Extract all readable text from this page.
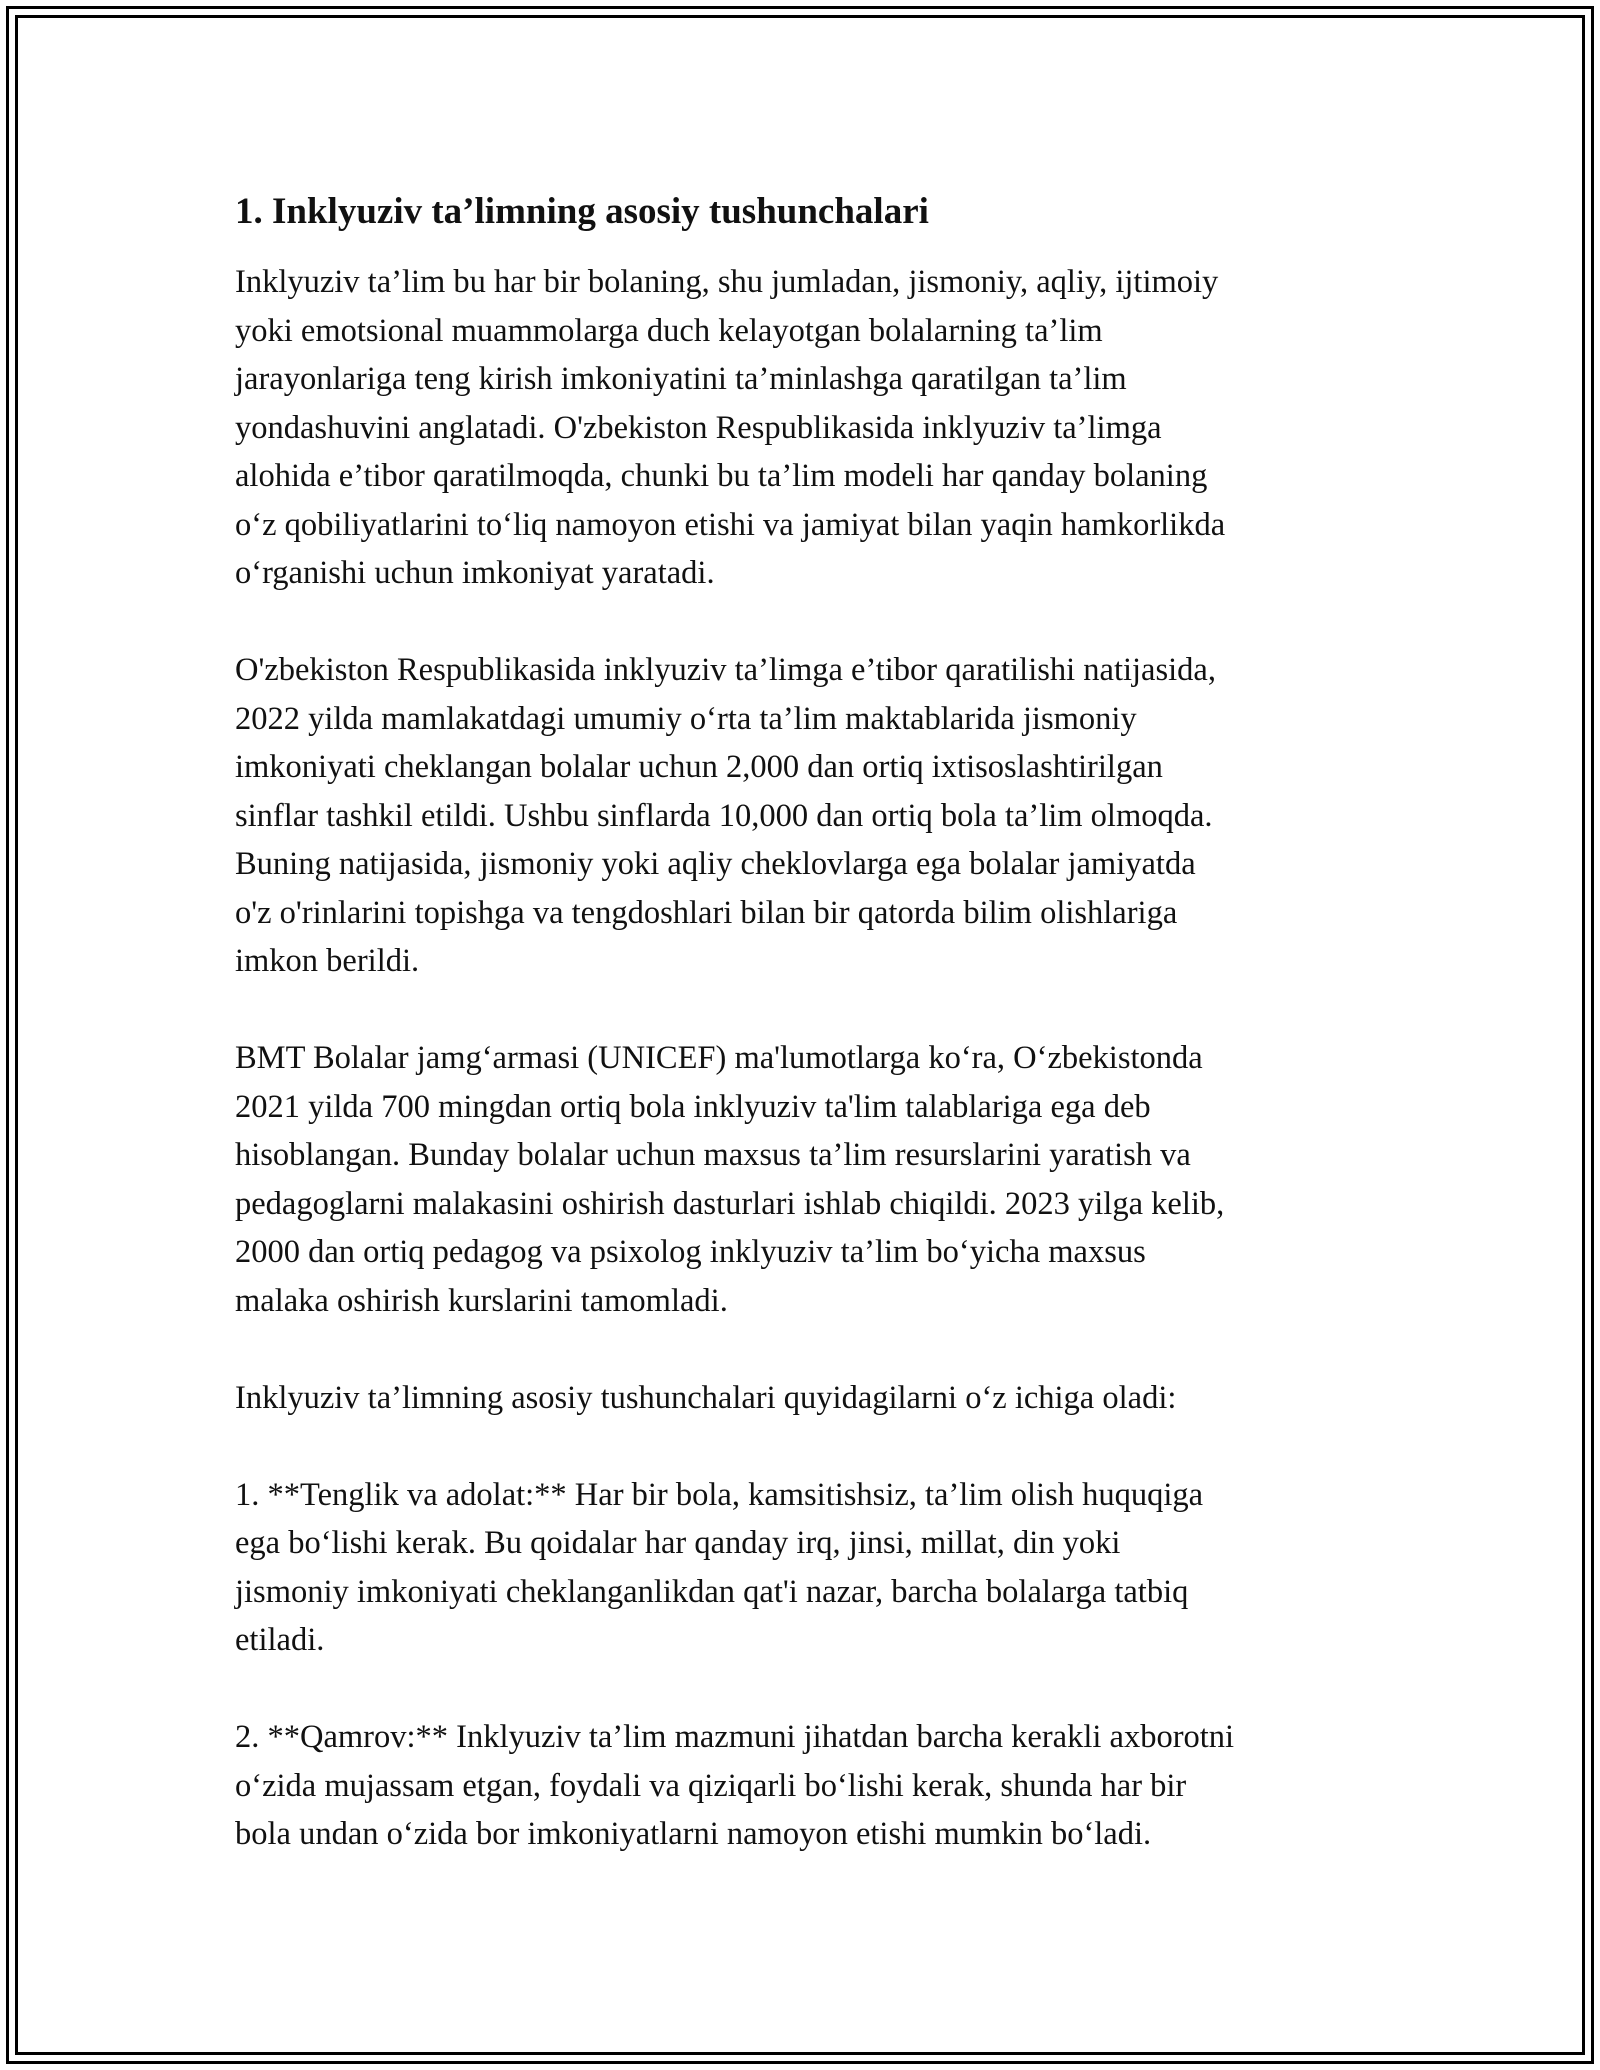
1. Inklyuziv ta’limning asosiy tushunchalari

Inklyuziv ta’lim bu har bir bolaning, shu jumladan, jismoniy, aqliy, ijtimoiy
yoki emotsional muammolarga duch kelayotgan bolalarning ta’lim
jarayonlariga teng kirish imkoniyatini ta’minlashga qaratilgan ta’lim
yondashuvini anglatadi. O'zbekiston Respublikasida inklyuziv ta’limga
alohida e’tibor qaratilmoqda, chunki bu ta’lim modeli har qanday bolaning
o‘z qobiliyatlarini to‘liq namoyon etishi va jamiyat bilan yaqin hamkorlikda
o‘rganishi uchun imkoniyat yaratadi.

O'zbekiston Respublikasida inklyuziv ta’limga e’tibor qaratilishi natijasida,
2022 yilda mamlakatdagi umumiy o‘rta ta’lim maktablarida jismoniy
imkoniyati cheklangan bolalar uchun 2,000 dan ortiq ixtisoslashtirilgan
sinflar tashkil etildi. Ushbu sinflarda 10,000 dan ortiq bola ta’lim olmoqda.
Buning natijasida, jismoniy yoki aqliy cheklovlarga ega bolalar jamiyatda
o'z o'rinlarini topishga va tengdoshlari bilan bir qatorda bilim olishlariga
imkon berildi.

BMT Bolalar jamg‘armasi (UNICEF) ma'lumotlarga ko‘ra, O‘zbekistonda
2021 yilda 700 mingdan ortiq bola inklyuziv ta'lim talablariga ega deb
hisoblangan. Bunday bolalar uchun maxsus ta’lim resurslarini yaratish va
pedagoglarni malakasini oshirish dasturlari ishlab chiqildi. 2023 yilga kelib,
2000 dan ortiq pedagog va psixolog inklyuziv ta’lim bo‘yicha maxsus
malaka oshirish kurslarini tamomladi.

Inklyuziv ta’limning asosiy tushunchalari quyidagilarni o‘z ichiga oladi:

1. **Tenglik va adolat:** Har bir bola, kamsitishsiz, ta’lim olish huquqiga
ega bo‘lishi kerak. Bu qoidalar har qanday irq, jinsi, millat, din yoki
jismoniy imkoniyati cheklanganlikdan qat'i nazar, barcha bolalarga tatbiq
etiladi.

2. **Qamrov:** Inklyuziv ta’lim mazmuni jihatdan barcha kerakli axborotni
o‘zida mujassam etgan, foydali va qiziqarli bo‘lishi kerak, shunda har bir
bola undan o‘zida bor imkoniyatlarni namoyon etishi mumkin bo‘ladi.
